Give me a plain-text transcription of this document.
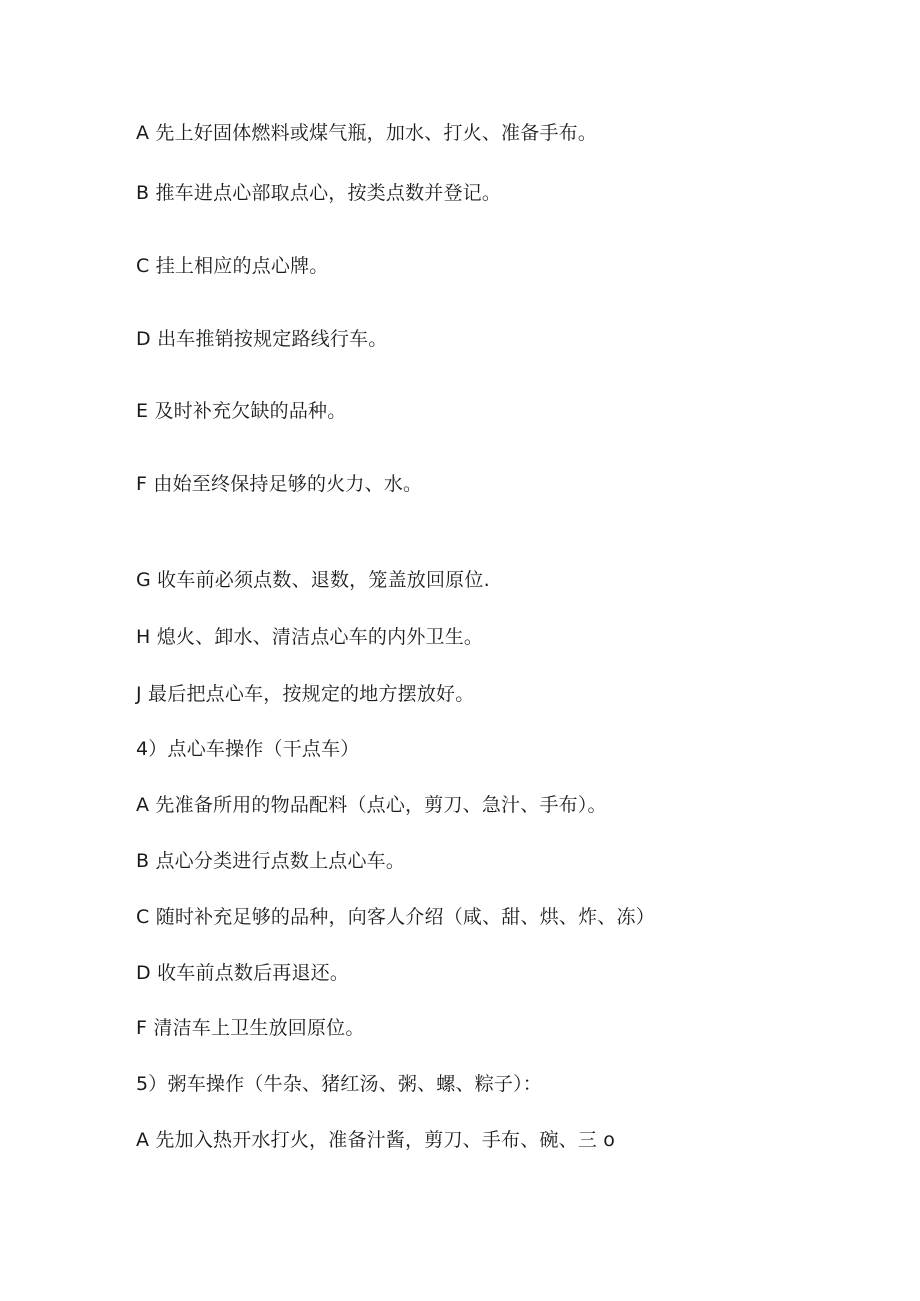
A 先上好固体燃料或煤气瓶，加水、打火、准备手布。
B 推车进点心部取点心，按类点数并登记。
C 挂上相应的点心牌。
D 出车推销按规定路线行车。
E 及时补充欠缺的品种。
F 由始至终保持足够的火力、水。
G 收车前必须点数、退数，笼盖放回原位.
H 熄火、卸水、清洁点心车的内外卫生。
J 最后把点心车，按规定的地方摆放好。
4）点心车操作（干点车）
A 先准备所用的物品配料（点心，剪刀、急汁、手布）。
B 点心分类进行点数上点心车。
C 随时补充足够的品种，向客人介绍（咸、甜、烘、炸、冻）
D 收车前点数后再退还。
F 清洁车上卫生放回原位。
5）粥车操作（牛杂、猪红汤、粥、螺、粽子）：
A 先加入热开水打火，准备汁酱，剪刀、手布、碗、三 o
